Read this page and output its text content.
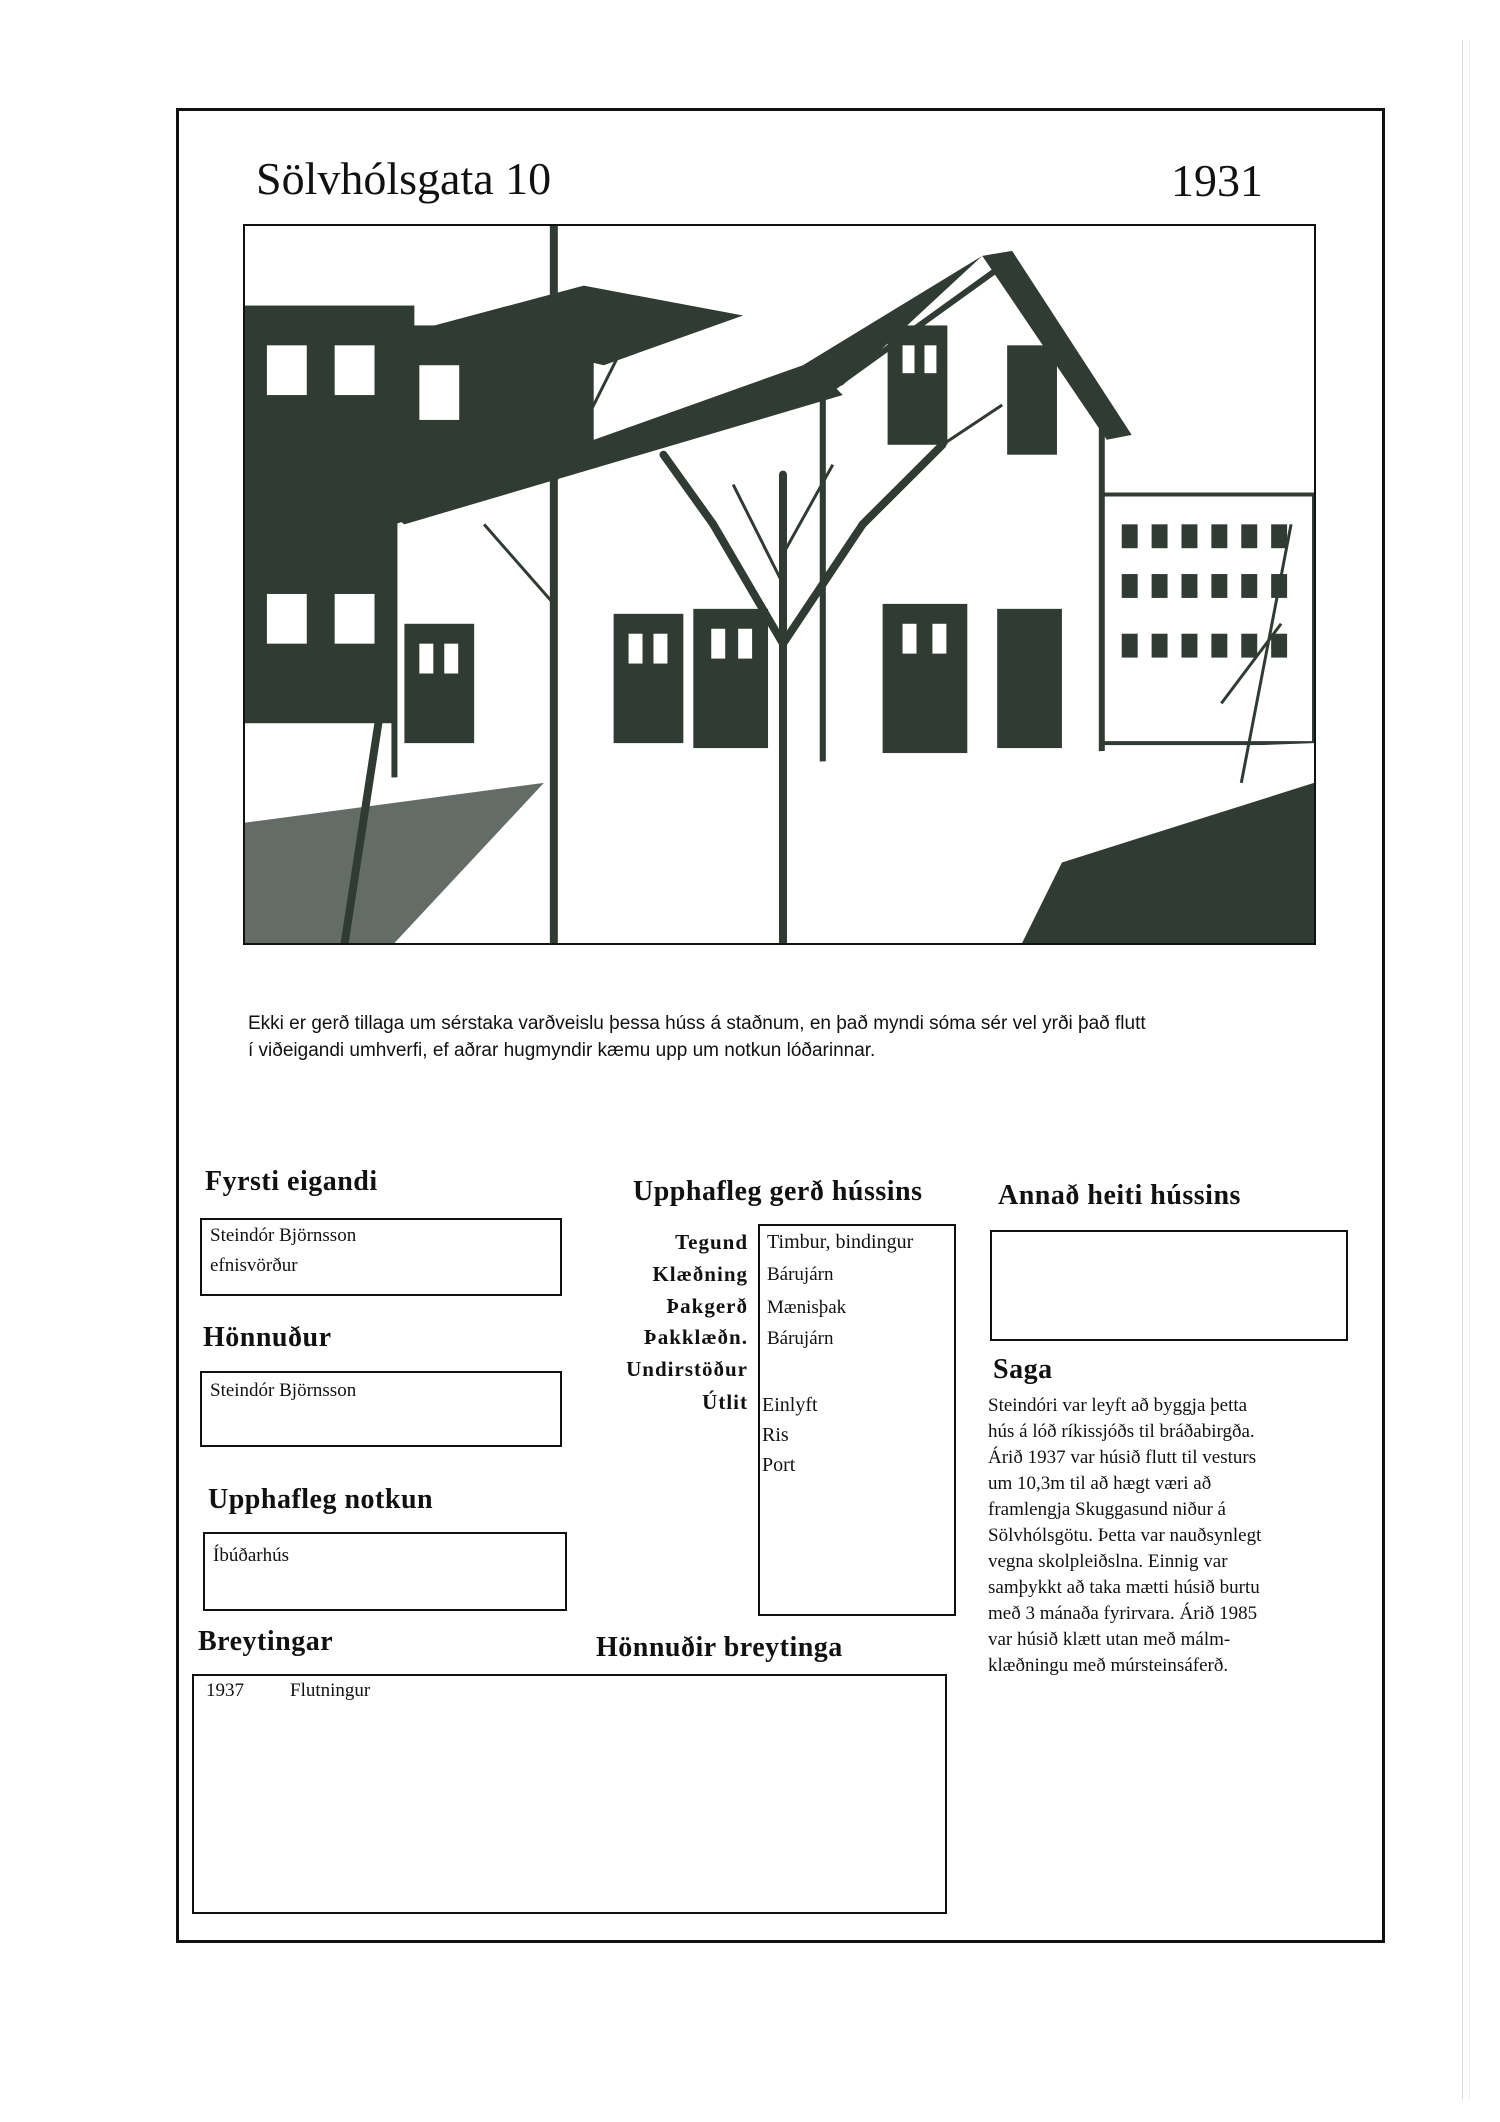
Sölvhólsgata 10	1931
Ekki er gerð tillaga um sérstaka varðveislu þessa húss á staðnum, en það myndi sóma sér vel yrði það flutt
í viðeigandi umhverfi, ef aðrar hugmyndir kæmu upp um notkun lóðarinnar.
Fyrsti eigandi
Steindór Björnsson
efnisvörður
Hönnuður
Steindór Björnsson
Upphafleg notkun
Íbúðarhús
Breytingar	Hönnuðir breytinga
1937 Flutningur
Upphafleg gerð hússins
Tegund Timbur, bindingur
Klæðning Bárujárn
Þakgerð Mænisþak
Þakklæðn. Bárujárn
Undirstöður
Útlit Einlyft
Ris
Port
Annað heiti hússins
Saga
Steindóri var leyft að byggja þetta
hús á lóð ríkissjóðs til bráðabirgða.
Árið 1937 var húsið flutt til vesturs
um 10,3m til að hægt væri að
framlengja Skuggasund niður á
Sölvhólsgötu. Þetta var nauðsynlegt
vegna skolpleiðslna. Einnig var
samþykkt að taka mætti húsið burtu
með 3 mánaða fyrirvara. Árið 1985
var húsið klætt utan með málm-
klæðningu með múrsteinsáferð.
